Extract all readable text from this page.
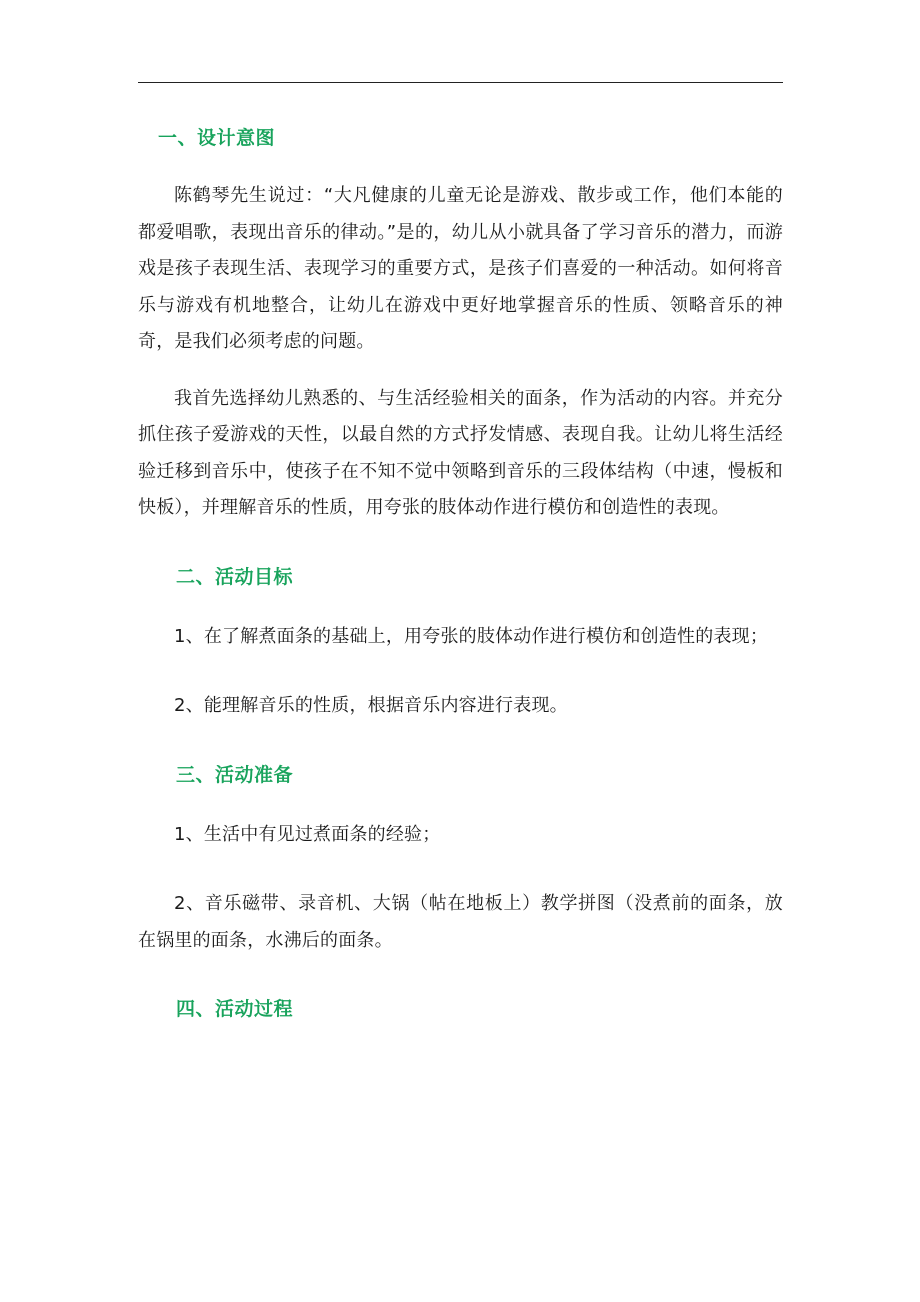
一、设计意图

陈鹤琴先生说过：“大凡健康的儿童无论是游戏、散步或工作，他们本能的都爱唱歌，表现出音乐的律动。”是的，幼儿从小就具备了学习音乐的潜力，而游戏是孩子表现生活、表现学习的重要方式，是孩子们喜爱的一种活动。如何将音乐与游戏有机地整合，让幼儿在游戏中更好地掌握音乐的性质、领略音乐的神奇，是我们必须考虑的问题。

我首先选择幼儿熟悉的、与生活经验相关的面条，作为活动的内容。并充分抓住孩子爱游戏的天性，以最自然的方式抒发情感、表现自我。让幼儿将生活经验迁移到音乐中，使孩子在不知不觉中领略到音乐的三段体结构（中速，慢板和快板），并理解音乐的性质，用夸张的肢体动作进行模仿和创造性的表现。

二、活动目标

1、在了解煮面条的基础上，用夸张的肢体动作进行模仿和创造性的表现；

2、能理解音乐的性质，根据音乐内容进行表现。

三、活动准备

1、生活中有见过煮面条的经验；

2、音乐磁带、录音机、大锅（帖在地板上）教学拼图（没煮前的面条，放在锅里的面条，水沸后的面条。

四、活动过程
